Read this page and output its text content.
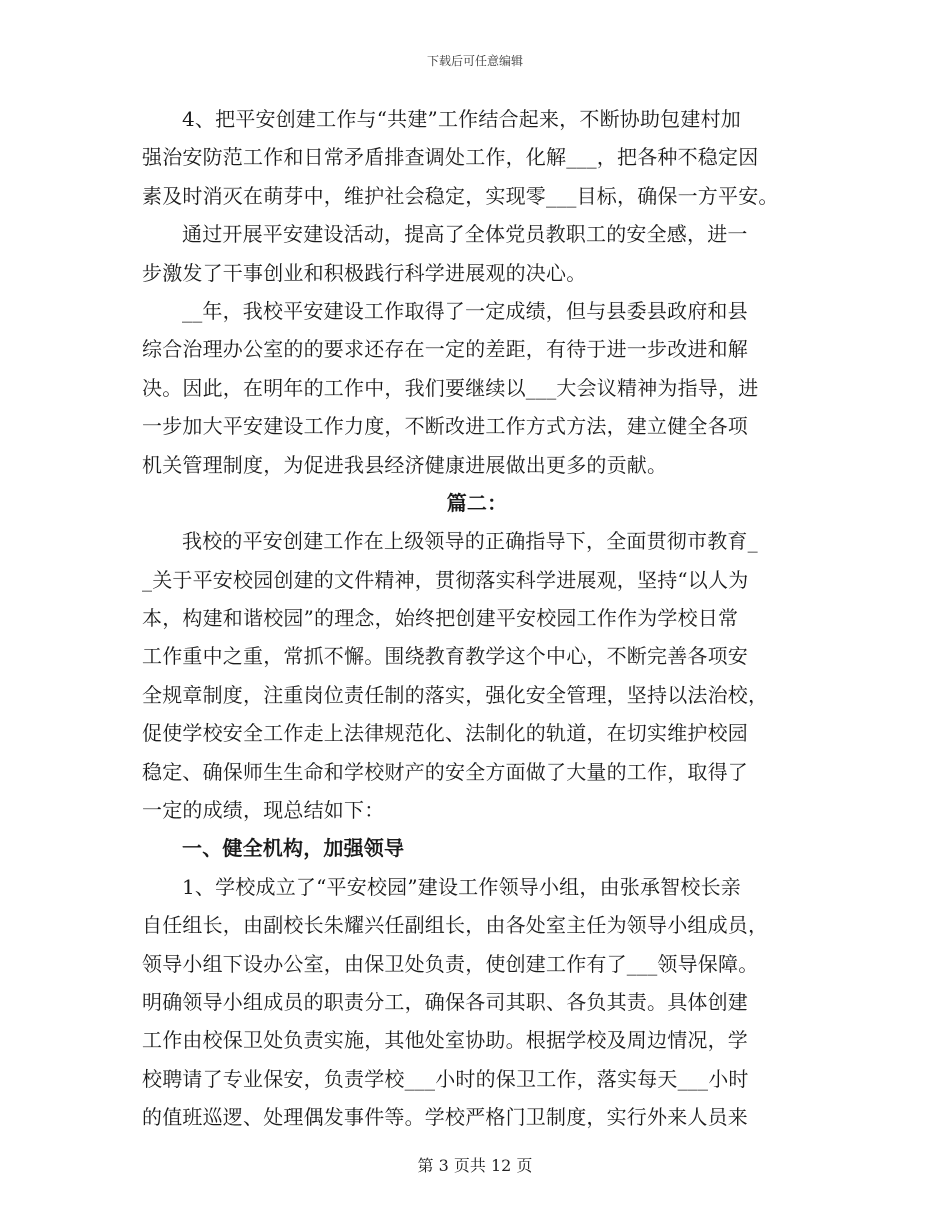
下载后可任意编辑
4、把平安创建工作与“共建”工作结合起来，不断协助包建村加
强治安防范工作和日常矛盾排查调处工作，化解___，把各种不稳定因
素及时消灭在萌芽中，维护社会稳定，实现零___目标，确保一方平安。
通过开展平安建设活动，提高了全体党员教职工的安全感，进一
步激发了干事创业和积极践行科学进展观的决心。
__年，我校平安建设工作取得了一定成绩，但与县委县政府和县
综合治理办公室的的要求还存在一定的差距，有待于进一步改进和解
决。因此，在明年的工作中，我们要继续以___大会议精神为指导，进
一步加大平安建设工作力度，不断改进工作方式方法，建立健全各项
机关管理制度，为促进我县经济健康进展做出更多的贡献。
篇二：
我校的平安创建工作在上级领导的正确指导下，全面贯彻市教育_
_关于平安校园创建的文件精神，贯彻落实科学进展观，坚持“以人为
本，构建和谐校园”的理念，始终把创建平安校园工作作为学校日常
工作重中之重，常抓不懈。围绕教育教学这个中心，不断完善各项安
全规章制度，注重岗位责任制的落实，强化安全管理，坚持以法治校，
促使学校安全工作走上法律规范化、法制化的轨道，在切实维护校园
稳定、确保师生生命和学校财产的安全方面做了大量的工作，取得了
一定的成绩，现总结如下：
一、健全机构，加强领导
1、学校成立了“平安校园”建设工作领导小组，由张承智校长亲
自任组长，由副校长朱耀兴任副组长，由各处室主任为领导小组成员，
领导小组下设办公室，由保卫处负责，使创建工作有了___领导保障。
明确领导小组成员的职责分工，确保各司其职、各负其责。具体创建
工作由校保卫处负责实施，其他处室协助。根据学校及周边情况，学
校聘请了专业保安，负责学校___小时的保卫工作，落实每天___小时
的值班巡逻、处理偶发事件等。学校严格门卫制度，实行外来人员来
第 3 页共 12 页
